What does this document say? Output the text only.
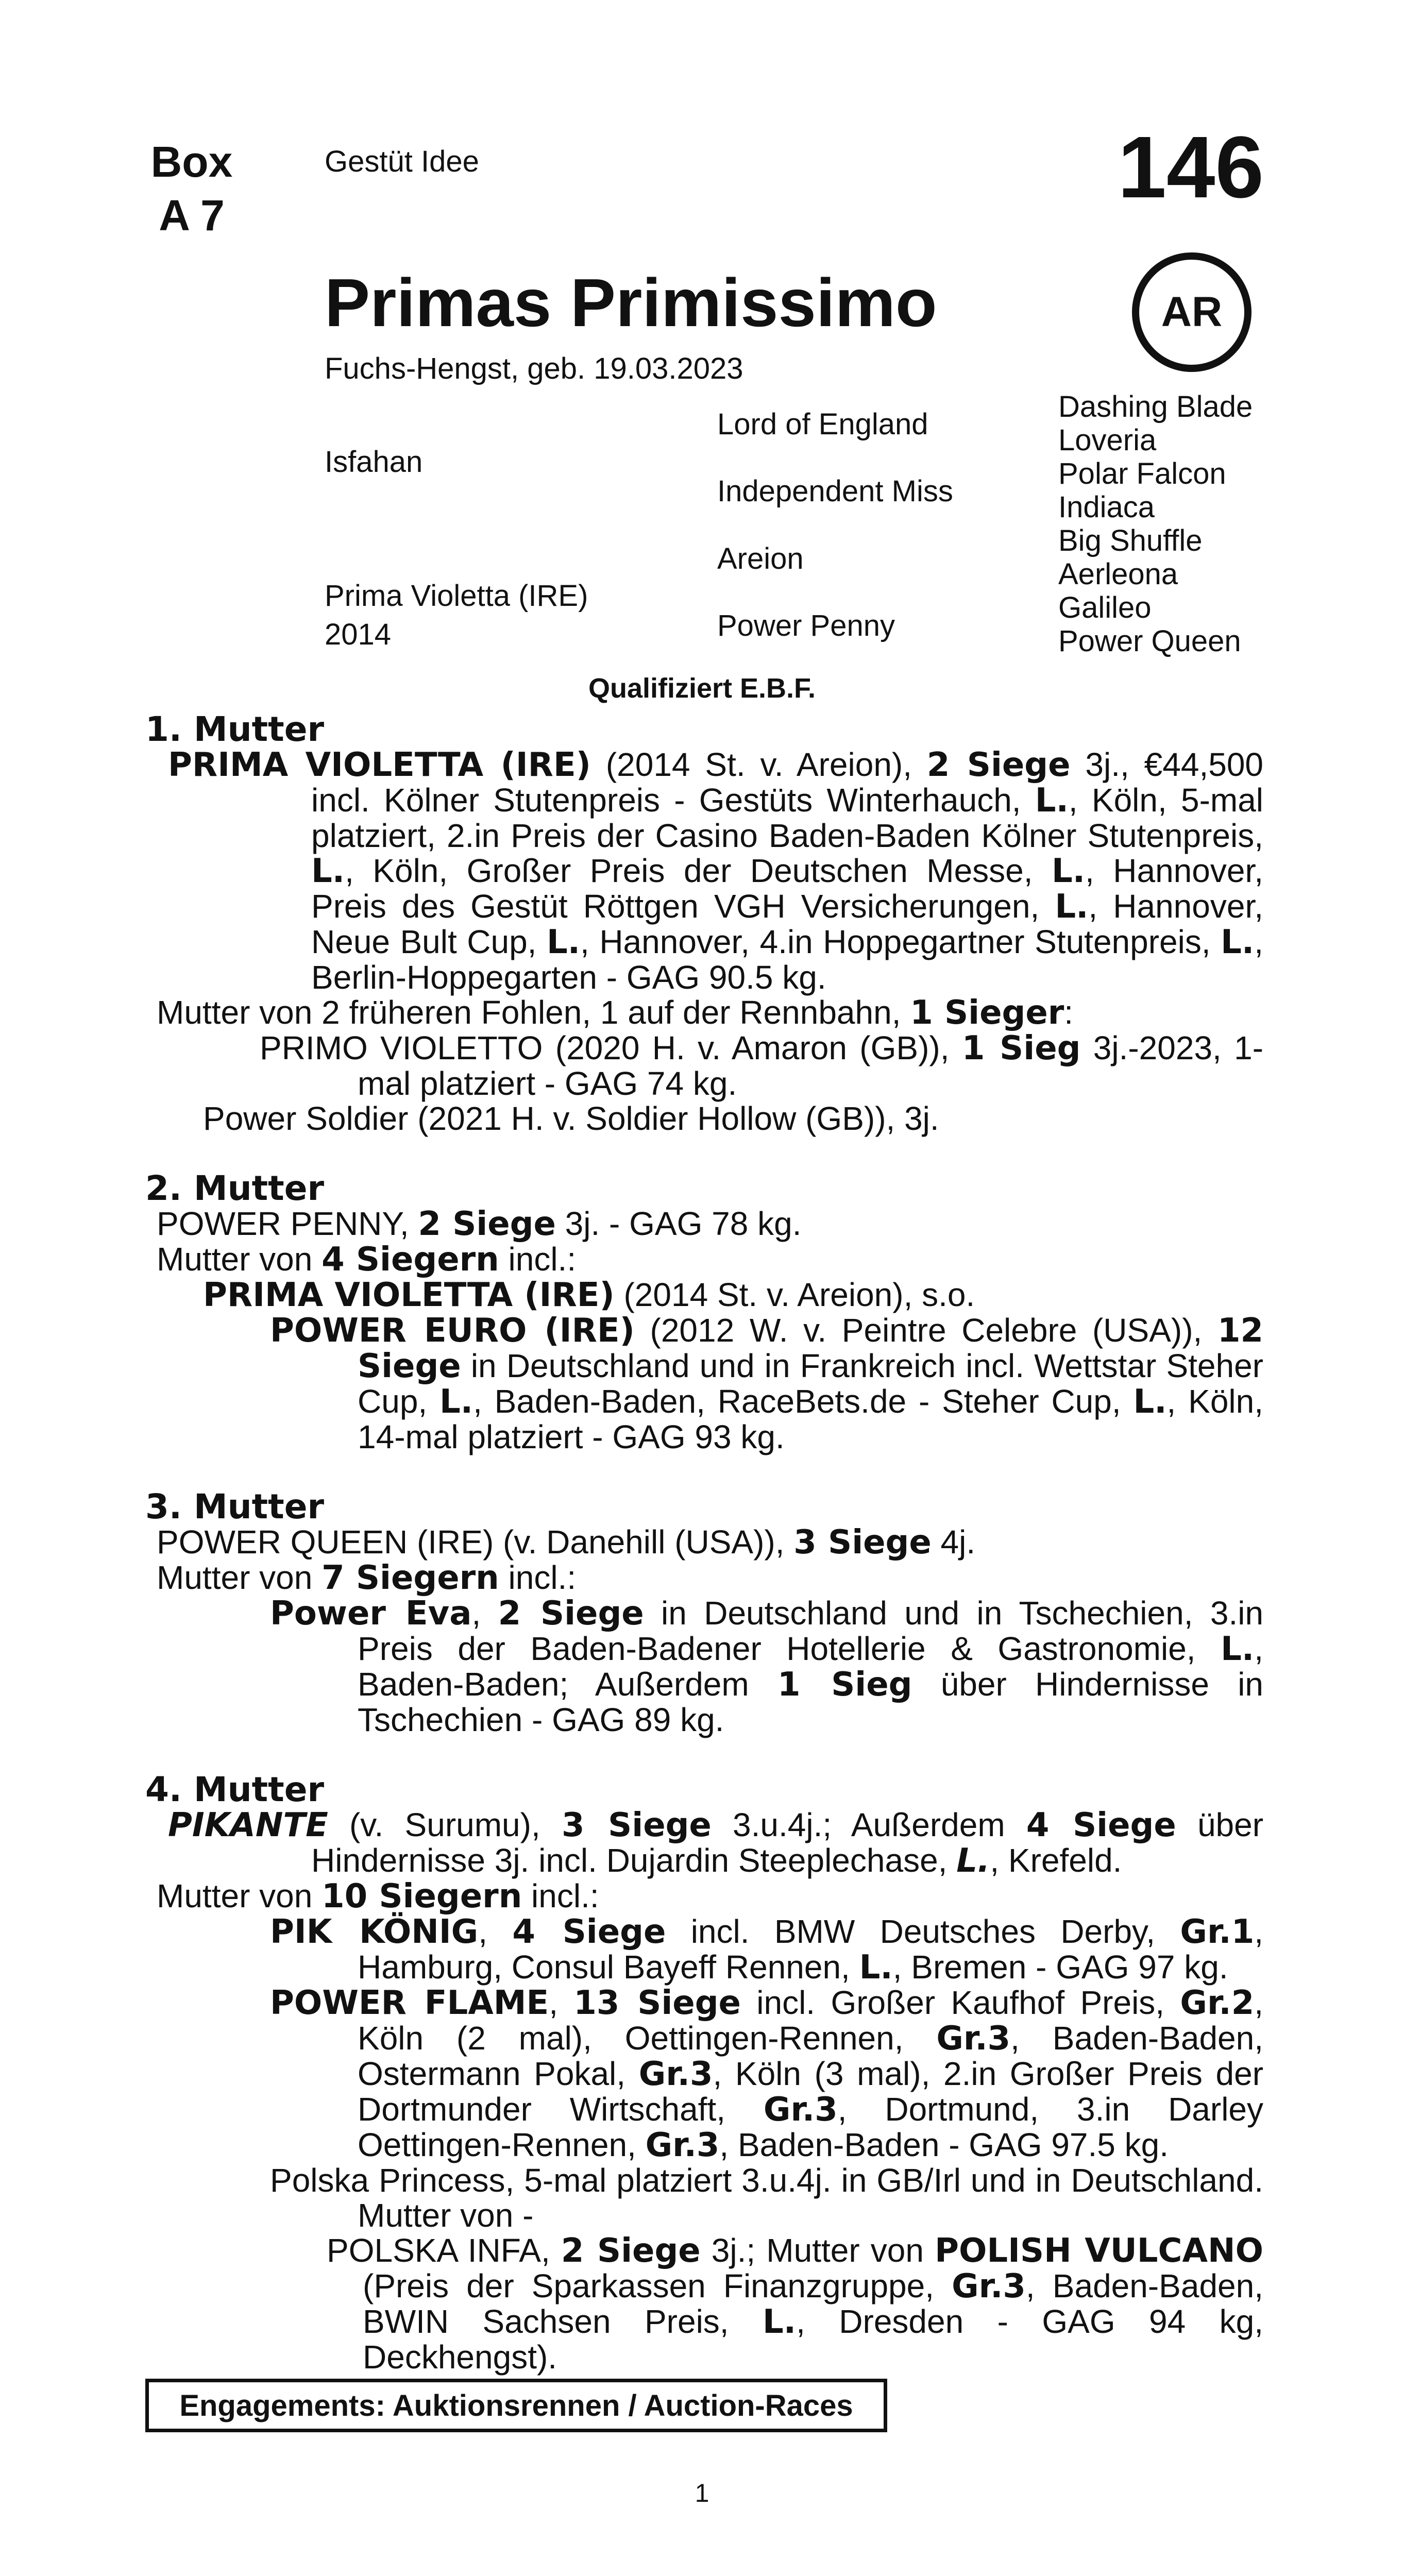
Box
A 7
Gestüt Idee	146
AR
Primas Primissimo
Fuchs-Hengst, geb. 19.03.2023
Isfahan
Prima Violetta (IRE)
2014
Lord of England
Independent Miss
Areion
Power Penny
Dashing Blade
Loveria
Polar Falcon
Indiaca
Big Shuffle
Aerleona
Galileo
Power Queen
Qualifiziert E.B.F.
1. Mutter
PRIMA VIOLETTA (IRE) (2014 St. v. Areion), 2 Siege 3j., €44,500 incl. Kölner Stutenpreis - Gestüts Winterhauch, L., Köln, 5-mal platziert, 2.in Preis der Casino Baden-Baden Kölner Stutenpreis, L., Köln, Großer Preis der Deutschen Messe, L., Hannover, Preis des Gestüt Röttgen VGH Versicherungen, L., Hannover, Neue Bult Cup, L., Hannover, 4.in Hoppegartner Stutenpreis, L., Berlin-Hoppegarten - GAG 90.5 kg.
Mutter von 2 früheren Fohlen, 1 auf der Rennbahn, 1 Sieger:
PRIMO VIOLETTO (2020 H. v. Amaron (GB)), 1 Sieg 3j.-2023, 1-mal platziert - GAG 74 kg.
Power Soldier (2021 H. v. Soldier Hollow (GB)), 3j.
2. Mutter
POWER PENNY, 2 Siege 3j. - GAG 78 kg.
Mutter von 4 Siegern incl.:
PRIMA VIOLETTA (IRE) (2014 St. v. Areion), s.o.
POWER EURO (IRE) (2012 W. v. Peintre Celebre (USA)), 12 Siege in Deutschland und in Frankreich incl. Wettstar Steher Cup, L., Baden-Baden, RaceBets.de - Steher Cup, L., Köln, 14-mal platziert - GAG 93 kg.
3. Mutter
POWER QUEEN (IRE) (v. Danehill (USA)), 3 Siege 4j.
Mutter von 7 Siegern incl.:
Power Eva, 2 Siege in Deutschland und in Tschechien, 3.in Preis der Baden-Badener Hotellerie & Gastronomie, L., Baden-Baden; Außerdem 1 Sieg über Hindernisse in Tschechien - GAG 89 kg.
4. Mutter
PIKANTE (v. Surumu), 3 Siege 3.u.4j.; Außerdem 4 Siege über Hindernisse 3j. incl. Dujardin Steeplechase, L., Krefeld.
Mutter von 10 Siegern incl.:
PIK KÖNIG, 4 Siege incl. BMW Deutsches Derby, Gr.1, Hamburg, Consul Bayeff Rennen, L., Bremen - GAG 97 kg.
POWER FLAME, 13 Siege incl. Großer Kaufhof Preis, Gr.2, Köln (2 mal), Oettingen-Rennen, Gr.3, Baden-Baden, Ostermann Pokal, Gr.3, Köln (3 mal), 2.in Großer Preis der Dortmunder Wirtschaft, Gr.3, Dortmund, 3.in Darley Oettingen-Rennen, Gr.3, Baden-Baden - GAG 97.5 kg.
Polska Princess, 5-mal platziert 3.u.4j. in GB/Irl und in Deutschland. Mutter von -
POLSKA INFA, 2 Siege 3j.; Mutter von POLISH VULCANO (Preis der Sparkassen Finanzgruppe, Gr.3, Baden-Baden, BWIN Sachsen Preis, L., Dresden - GAG 94 kg, Deckhengst).
Engagements: Auktionsrennen / Auction-Races
1
